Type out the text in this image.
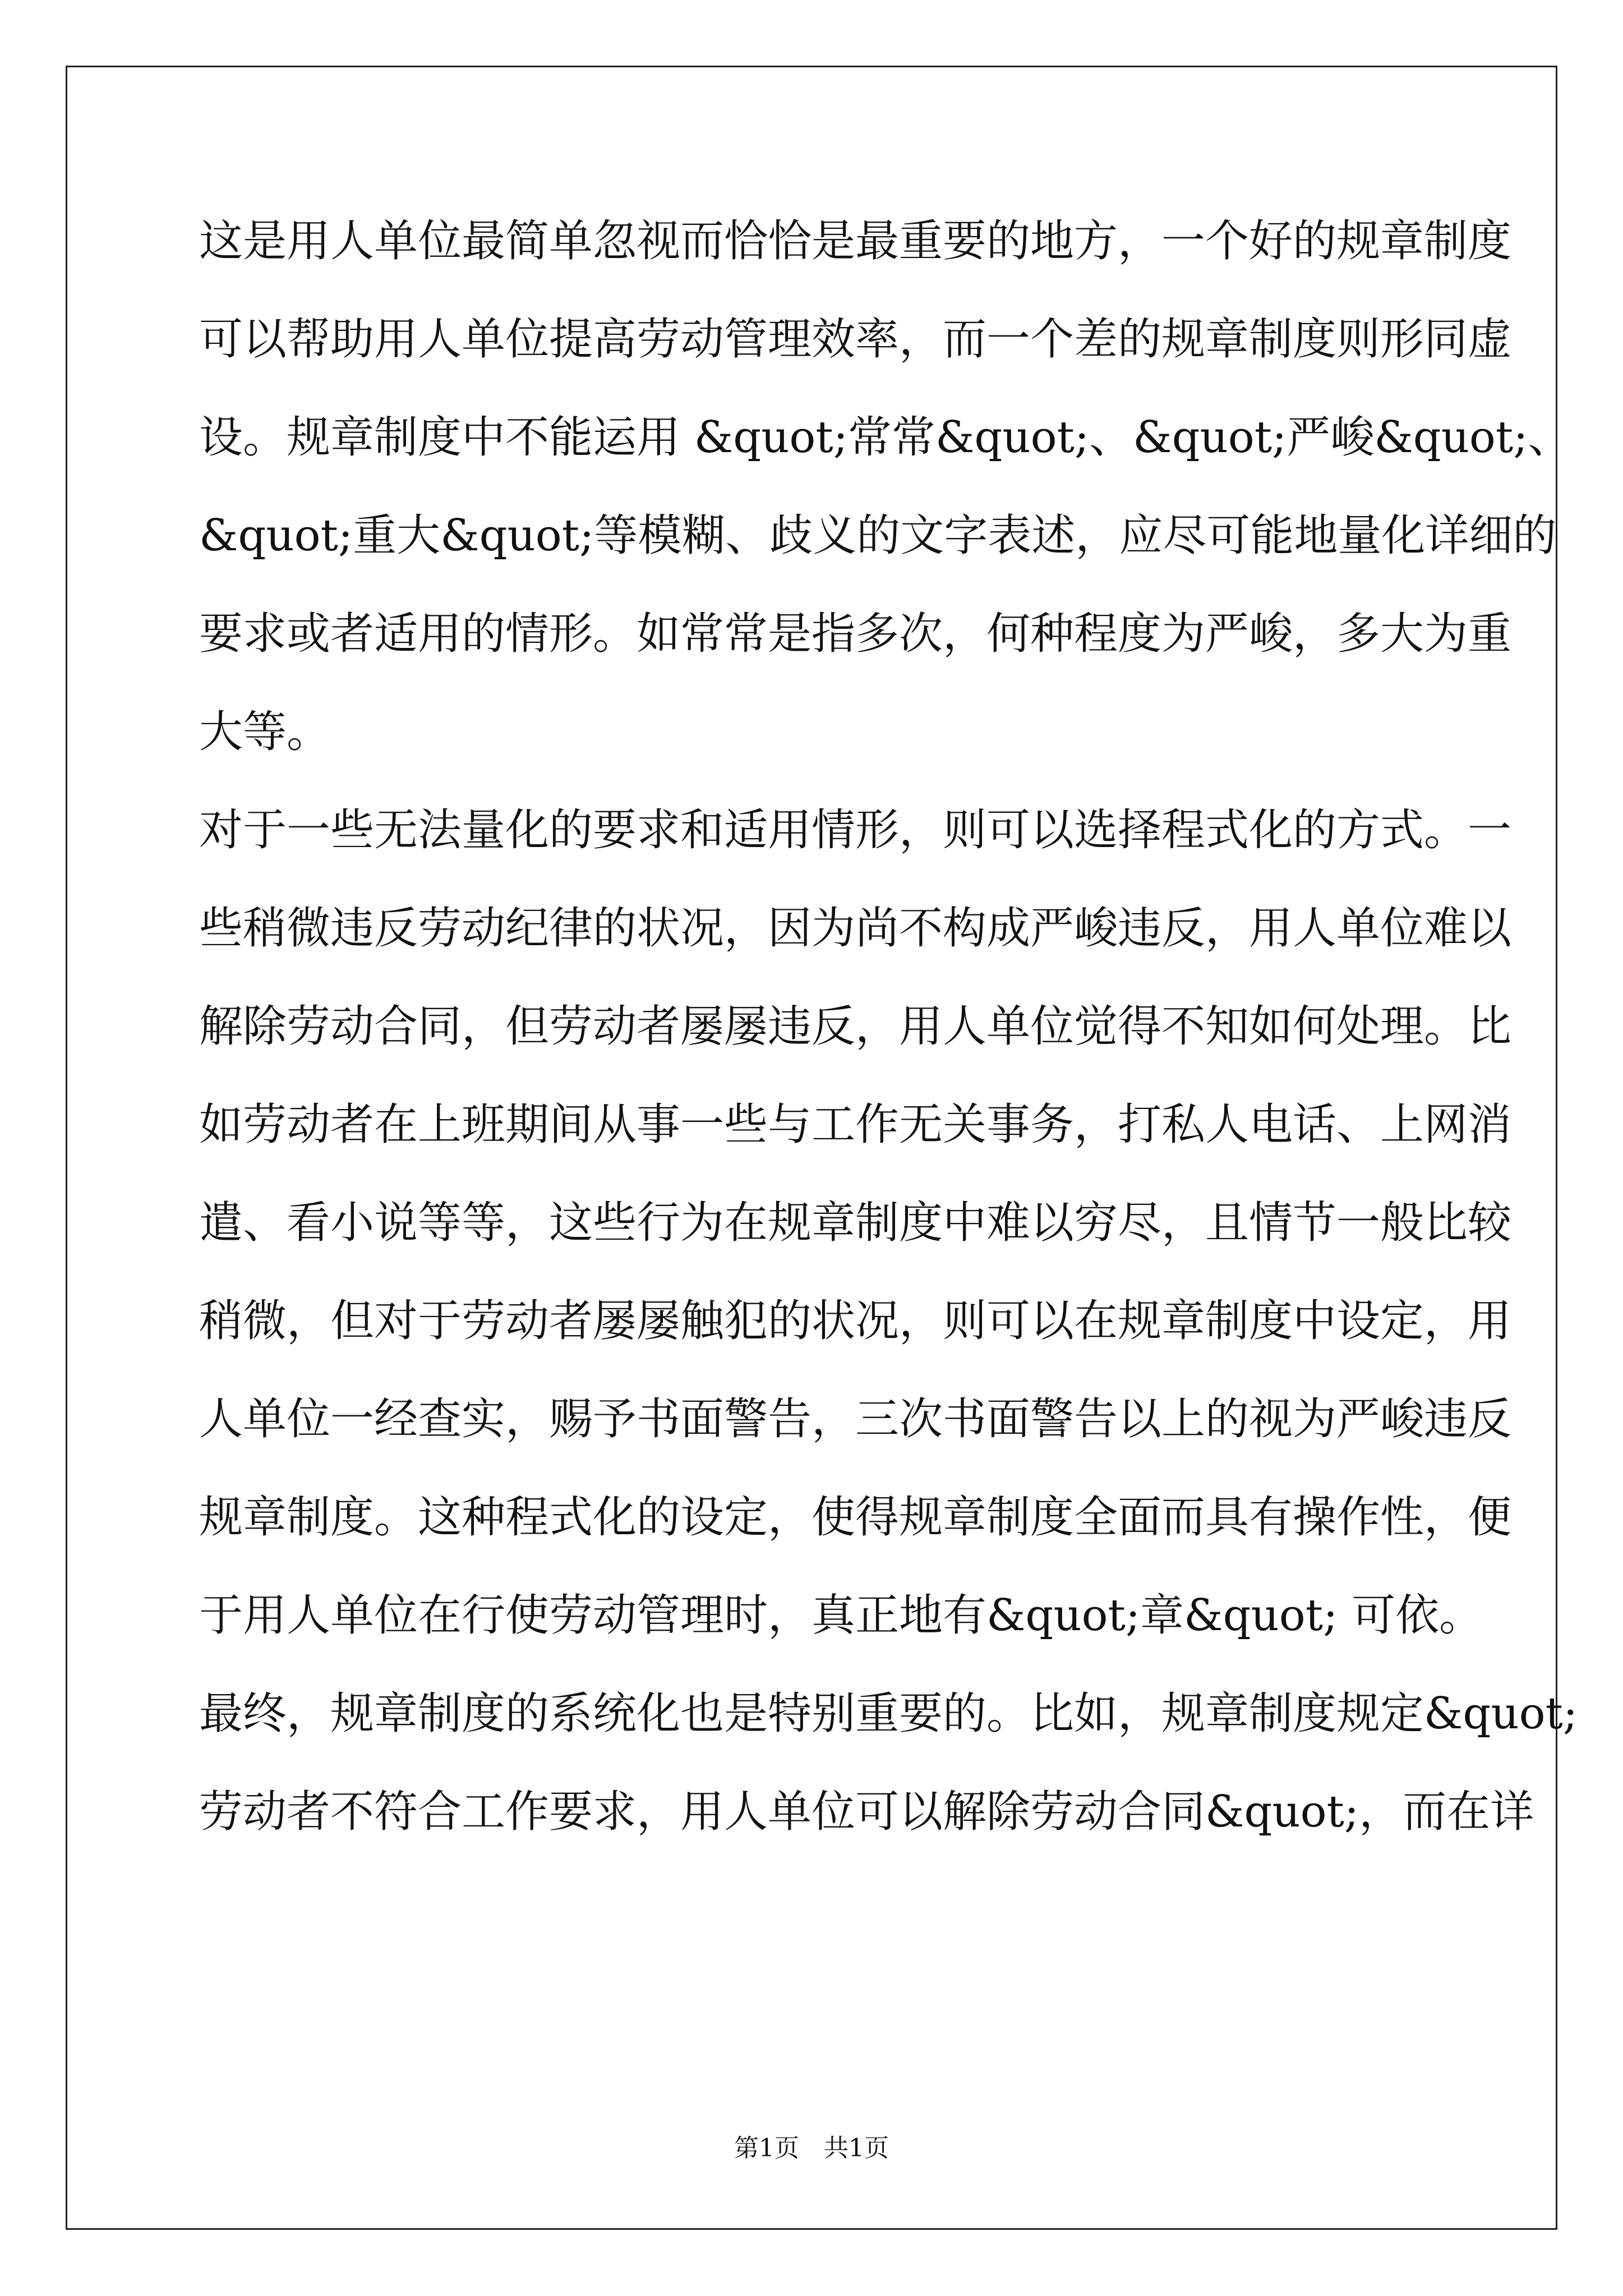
这是用人单位最简单忽视而恰恰是最重要的地方，一个好的规章制度
可以帮助用人单位提高劳动管理效率，而一个差的规章制度则形同虚
设。规章制度中不能运用 &quot;常常&quot;、&quot;严峻&quot;、
&quot;重大&quot;等模糊、歧义的文字表述，应尽可能地量化详细的
要求或者适用的情形。如常常是指多次，何种程度为严峻，多大为重
大等。
对于一些无法量化的要求和适用情形，则可以选择程式化的方式。一
些稍微违反劳动纪律的状况，因为尚不构成严峻违反，用人单位难以
解除劳动合同，但劳动者屡屡违反，用人单位觉得不知如何处理。比
如劳动者在上班期间从事一些与工作无关事务，打私人电话、上网消
遣、看小说等等，这些行为在规章制度中难以穷尽，且情节一般比较
稍微，但对于劳动者屡屡触犯的状况，则可以在规章制度中设定，用
人单位一经查实，赐予书面警告，三次书面警告以上的视为严峻违反
规章制度。这种程式化的设定，使得规章制度全面而具有操作性，便
于用人单位在行使劳动管理时，真正地有&quot;章&quot; 可依。
最终，规章制度的系统化也是特别重要的。比如，规章制度规定&quot;
劳动者不符合工作要求，用人单位可以解除劳动合同&quot;，而在详
第1页　共1页
